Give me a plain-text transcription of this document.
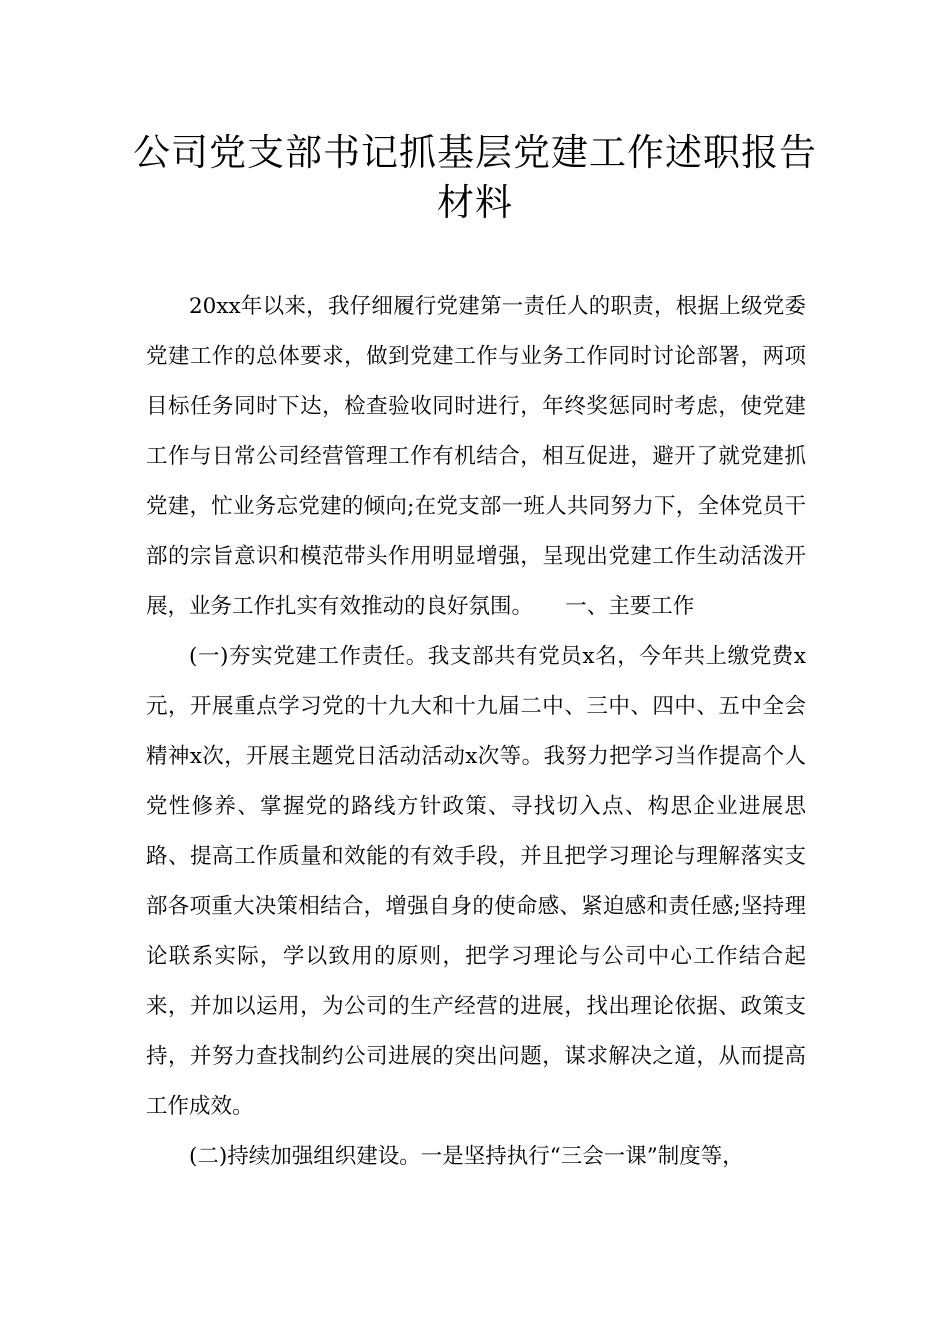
公司党支部书记抓基层党建工作述职报告材料

20xx年以来，我仔细履行党建第一责任人的职责，根据上级党委党建工作的总体要求，做到党建工作与业务工作同时讨论部署，两项目标任务同时下达，检查验收同时进行，年终奖惩同时考虑，使党建工作与日常公司经营管理工作有机结合，相互促进，避开了就党建抓党建，忙业务忘党建的倾向;在党支部一班人共同努力下，全体党员干部的宗旨意识和模范带头作用明显增强，呈现出党建工作生动活泼开展，业务工作扎实有效推动的良好氛围。　　一、主要工作

(一)夯实党建工作责任。我支部共有党员x名，今年共上缴党费x元，开展重点学习党的十九大和十九届二中、三中、四中、五中全会精神x次，开展主题党日活动活动x次等。我努力把学习当作提高个人党性修养、掌握党的路线方针政策、寻找切入点、构思企业进展思路、提高工作质量和效能的有效手段，并且把学习理论与理解落实支部各项重大决策相结合，增强自身的使命感、紧迫感和责任感;坚持理论联系实际，学以致用的原则，把学习理论与公司中心工作结合起来，并加以运用，为公司的生产经营的进展，找出理论依据、政策支持，并努力查找制约公司进展的突出问题，谋求解决之道，从而提高工作成效。

(二)持续加强组织建设。一是坚持执行“三会一课”制度等，
